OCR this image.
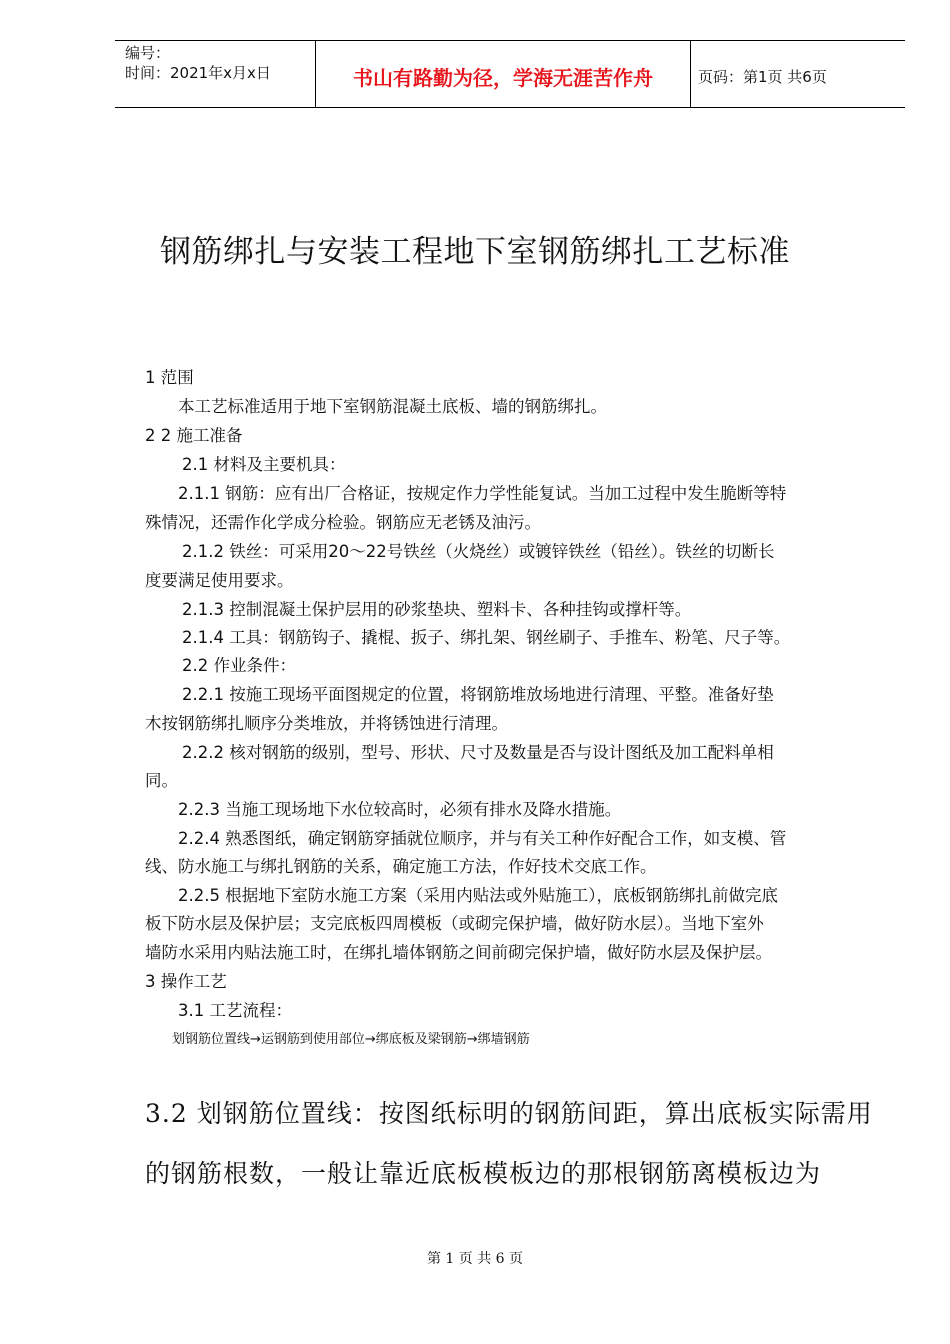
编号：
时间：2021年x月x日	书山有路勤为径，学海无涯苦作舟	页码：第1页 共6页
钢筋绑扎与安装工程地下室钢筋绑扎工艺标准
1 范围
本工艺标准适用于地下室钢筋混凝土底板、墙的钢筋绑扎。
2 2 施工准备
2.1 材料及主要机具：
2.1.1 钢筋：应有出厂合格证，按规定作力学性能复试。当加工过程中发生脆断等特
殊情况，还需作化学成分检验。钢筋应无老锈及油污。
2.1.2 铁丝：可采用20～22号铁丝（火烧丝）或镀锌铁丝（铅丝）。铁丝的切断长
度要满足使用要求。
2.1.3 控制混凝土保护层用的砂浆垫块、塑料卡、各种挂钩或撑杆等。
2.1.4 工具：钢筋钩子、撬棍、扳子、绑扎架、钢丝刷子、手推车、粉笔、尺子等。
2.2 作业条件：
2.2.1 按施工现场平面图规定的位置，将钢筋堆放场地进行清理、平整。准备好垫
木按钢筋绑扎顺序分类堆放，并将锈蚀进行清理。
2.2.2 核对钢筋的级别，型号、形状、尺寸及数量是否与设计图纸及加工配料单相
同。
2.2.3 当施工现场地下水位较高时，必须有排水及降水措施。
2.2.4 熟悉图纸，确定钢筋穿插就位顺序，并与有关工种作好配合工作，如支模、管
线、防水施工与绑扎钢筋的关系，确定施工方法，作好技术交底工作。
2.2.5 根据地下室防水施工方案（采用内贴法或外贴施工），底板钢筋绑扎前做完底
板下防水层及保护层；支完底板四周模板（或砌完保护墙，做好防水层）。当地下室外
墙防水采用内贴法施工时，在绑扎墙体钢筋之间前砌完保护墙，做好防水层及保护层。
3 操作工艺
3.1 工艺流程：
划钢筋位置线→运钢筋到使用部位→绑底板及梁钢筋→绑墙钢筋
3.2 划钢筋位置线：按图纸标明的钢筋间距，算出底板实际需用
的钢筋根数，一般让靠近底板模板边的那根钢筋离模板边为
第 1 页 共 6 页
